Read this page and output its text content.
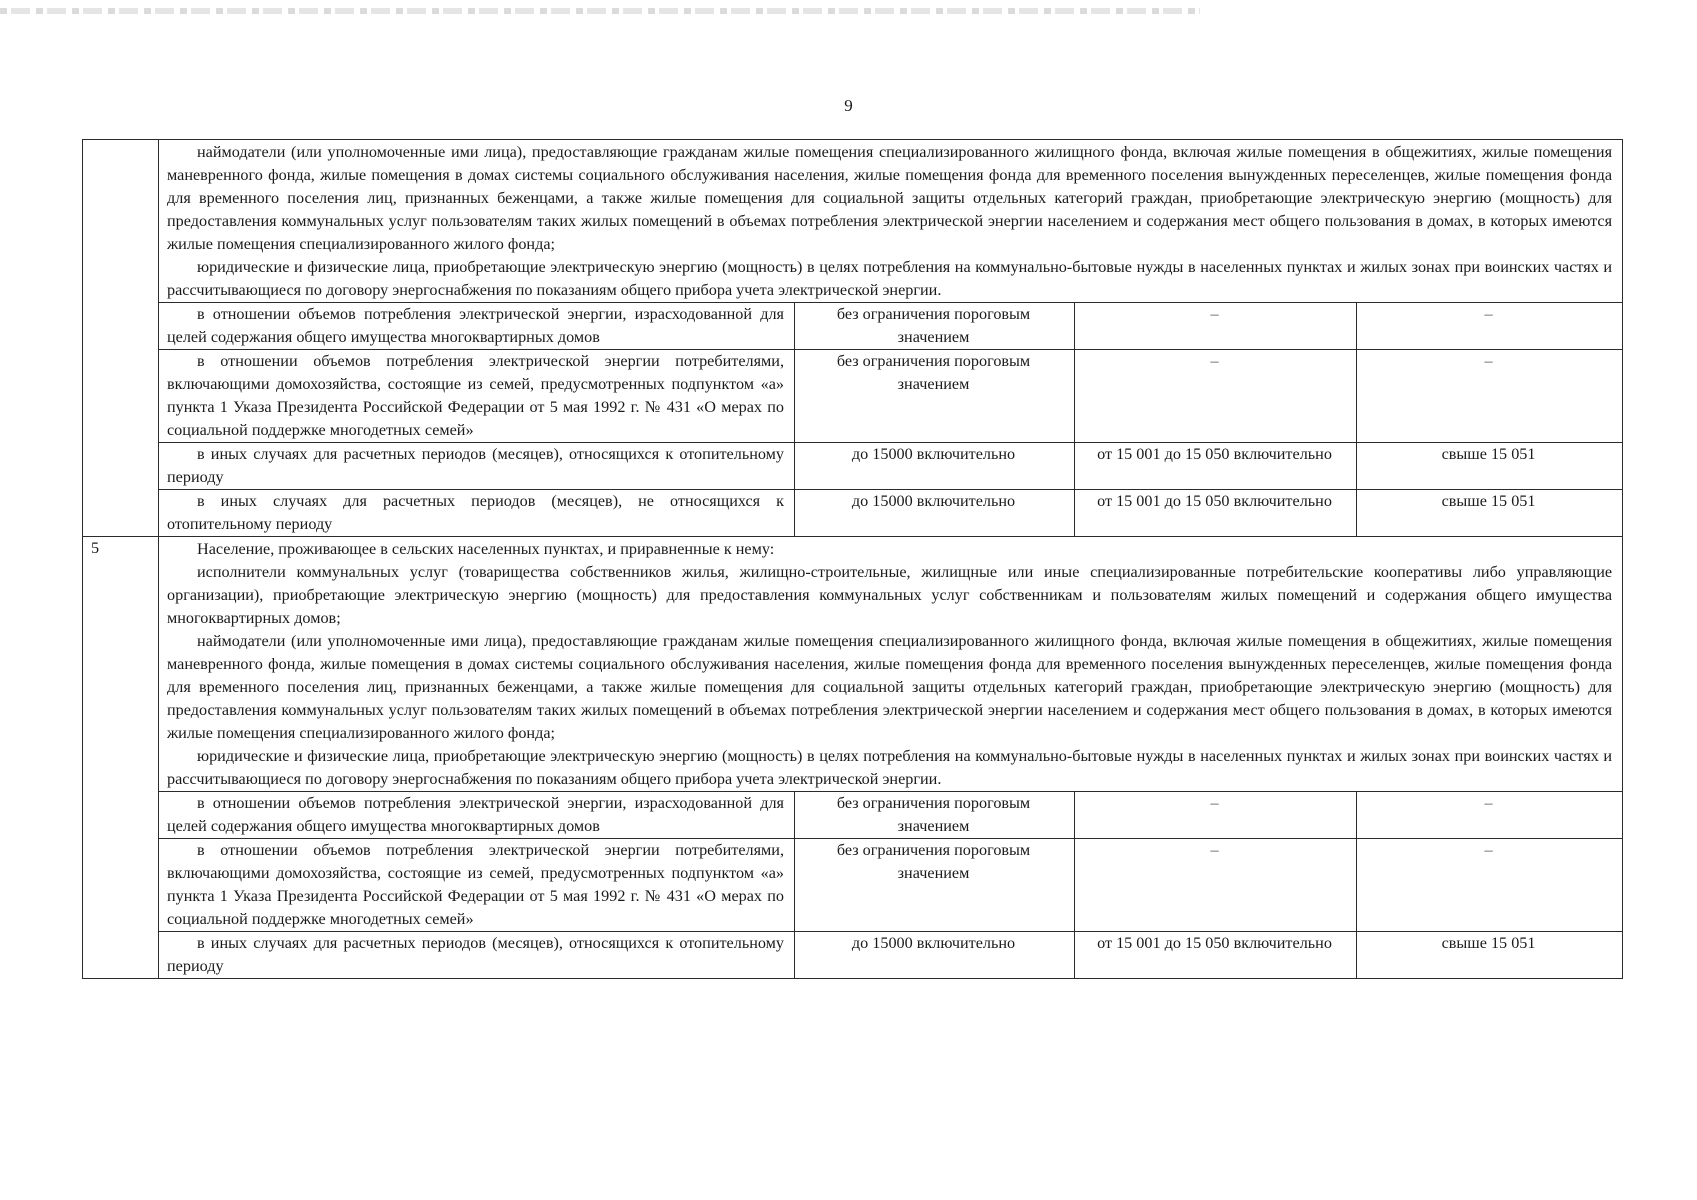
9

	наймодатели (или уполномоченные ими лица), предоставляющие гражданам жилые помещения специализированного жилищного фонда, включая жилые помещения в общежитиях, жилые помещения маневренного фонда, жилые помещения в домах системы социального обслуживания населения, жилые помещения фонда для временного поселения вынужденных переселенцев, жилые помещения фонда для временного поселения лиц, признанных беженцами, а также жилые помещения для социальной защиты отдельных категорий граждан, приобретающие электрическую энергию (мощность) для предоставления коммунальных услуг пользователям таких жилых помещений в объемах потребления электрической энергии населением и содержания мест общего пользования в домах, в которых имеются жилые помещения специализированного жилого фонда;

юридические и физические лица, приобретающие электрическую энергию (мощность) в целях потребления на коммунально-бытовые нужды в населенных пунктах и жилых зонах при воинских частях и рассчитывающиеся по договору энергоснабжения по показаниям общего прибора учета электрической энергии.			

	в отношении объемов потребления электрической энергии, израсходованной для целей содержания общего имущества многоквартирных домов	без ограничения пороговым значением	–	–
	в отношении объемов потребления электрической энергии потребителями, включающими домохозяйства, состоящие из семей, предусмотренных подпунктом «а» пункта 1 Указа Президента Российской Федерации от 5 мая 1992 г. № 431 «О мерах по социальной поддержке многодетных семей»	без ограничения пороговым значением	–	–
	в иных случаях для расчетных периодов (месяцев), относящихся к отопительному периоду	до 15000 включительно	от 15 001 до 15 050 включительно	свыше 15 051
	в иных случаях для расчетных периодов (месяцев), не относящихся к отопительному периоду	до 15000 включительно	от 15 001 до 15 050 включительно	свыше 15 051
5	Население, проживающее в сельских населенных пунктах, и приравненные к нему:

исполнители коммунальных услуг (товарищества собственников жилья, жилищно-строительные, жилищные или иные специализированные потребительские кооперативы либо управляющие организации), приобретающие электрическую энергию (мощность) для предоставления коммунальных услуг собственникам и пользователям жилых помещений и содержания общего имущества многоквартирных домов;

наймодатели (или уполномоченные ими лица), предоставляющие гражданам жилые помещения специализированного жилищного фонда, включая жилые помещения в общежитиях, жилые помещения маневренного фонда, жилые помещения в домах системы социального обслуживания населения, жилые помещения фонда для временного поселения вынужденных переселенцев, жилые помещения фонда для временного поселения лиц, признанных беженцами, а также жилые помещения для социальной защиты отдельных категорий граждан, приобретающие электрическую энергию (мощность) для предоставления коммунальных услуг пользователям таких жилых помещений в объемах потребления электрической энергии населением и содержания мест общего пользования в домах, в которых имеются жилые помещения специализированного жилого фонда;

юридические и физические лица, приобретающие электрическую энергию (мощность) в целях потребления на коммунально-бытовые нужды в населенных пунктах и жилых зонах при воинских частях и рассчитывающиеся по договору энергоснабжения по показаниям общего прибора учета электрической энергии.			

	в отношении объемов потребления электрической энергии, израсходованной для целей содержания общего имущества многоквартирных домов	без ограничения пороговым значением	–	–
	в отношении объемов потребления электрической энергии потребителями, включающими домохозяйства, состоящие из семей, предусмотренных подпунктом «а» пункта 1 Указа Президента Российской Федерации от 5 мая 1992 г. № 431 «О мерах по социальной поддержке многодетных семей»	без ограничения пороговым значением	–	–
	в иных случаях для расчетных периодов (месяцев), относящихся к отопительному периоду	до 15000 включительно	от 15 001 до 15 050 включительно	свыше 15 051
